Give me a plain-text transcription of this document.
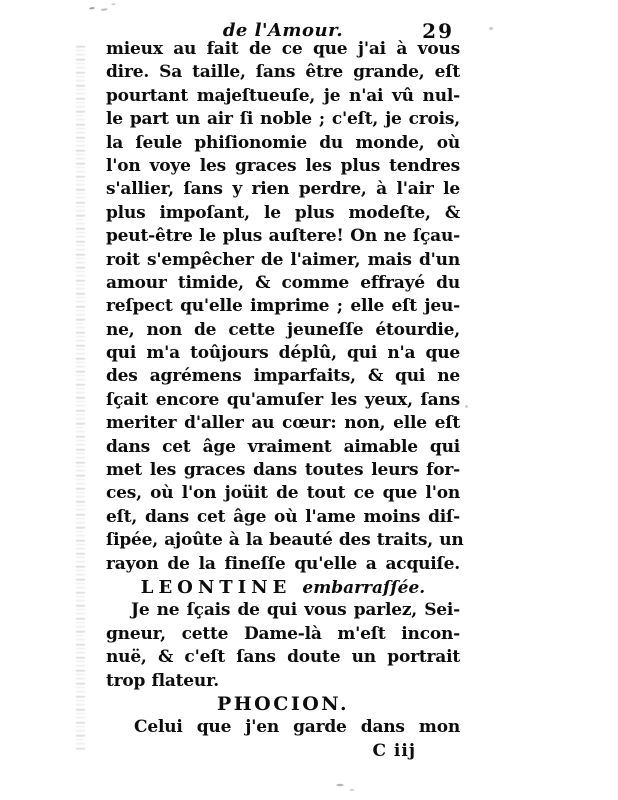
de l'Amour.	29
mieux au fait de ce que j'ai à vous
dire. Sa taille, ſans être grande, eſt
pourtant majeſtueuſe, je n'ai vû nul-
le part un air ſi noble ; c'eſt, je crois,
la ſeule phiſionomie du monde, où
l'on voye les graces les plus tendres
s'allier, ſans y rien perdre, à l'air le
plus impoſant, le plus modeſte, &
peut-être le plus auſtere! On ne ſçau-
roit s'empêcher de l'aimer, mais d'un
amour timide, & comme effrayé du
reſpect qu'elle imprime ; elle eſt jeu-
ne, non de cette jeuneſſe étourdie,
qui m'a toûjours déplû, qui n'a que
des agrémens imparfaits, & qui ne
ſçait encore qu'amuſer les yeux, ſans
meriter d'aller au cœur: non, elle eſt
dans cet âge vraiment aimable qui
met les graces dans toutes leurs for-
ces, où l'on joüit de tout ce que l'on
eſt, dans cet âge où l'ame moins diſ-
ſipée, ajoûte à la beauté des traits, un
rayon de la fineſſe qu'elle a acquiſe.
LEONTINE embarraſſée.
Je ne ſçais de qui vous parlez, Sei-
gneur, cette Dame-là m'eſt incon-
nuë, & c'eſt ſans doute un portrait
trop flateur.
PHOCION.
Celui que j'en garde dans mon
C iij
